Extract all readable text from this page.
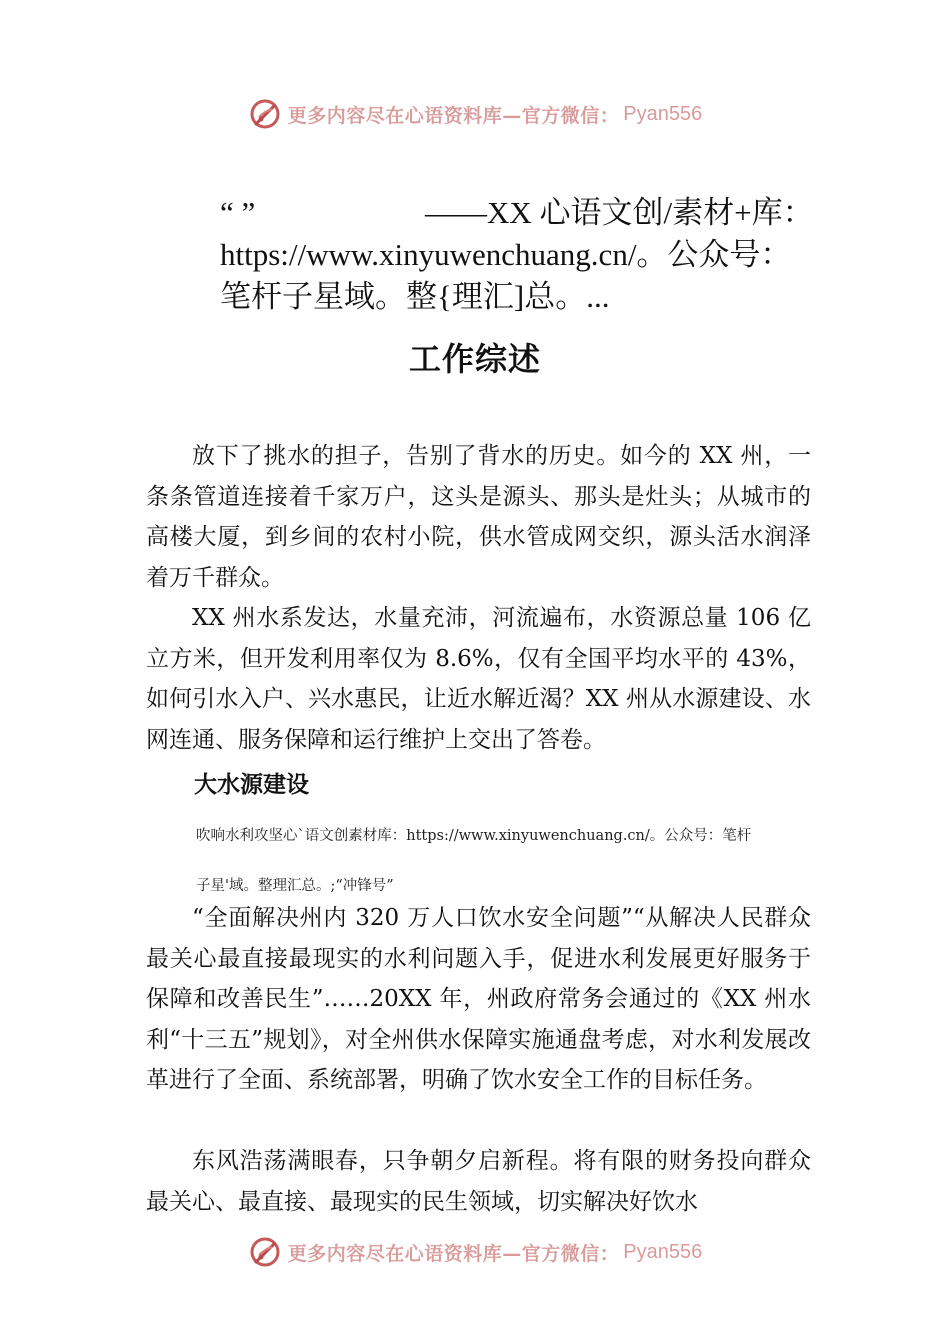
更多内容尽在心语资料库—官方微信： Pyan556
“ ”	——XX 心语文创/素材+库：
https://www.xinyuwenchuang.cn/。公众号：
笔杆子星域。整{理汇]总。...
工作综述

放下了挑水的担子，告别了背水的历史。如今的 XX 州，一条条管道连接着千家万户，这头是源头、那头是灶头；从城市的高楼大厦，到乡间的农村小院，供水管成网交织，源头活水润泽着万千群众。

XX 州水系发达，水量充沛，河流遍布，水资源总量 106 亿立方米，但开发利用率仅为 8.6%，仅有全国平均水平的 43%，如何引水入户、兴水惠民，让近水解近渴？XX 州从水源建设、水网连通、服务保障和运行维护上交出了答卷。

大水源建设
吹响水利攻坚心`语文创素材库：https://www.xinyuwenchuang.cn/。公众号：笔杆
子星'域。整理汇总。;“冲锋号”

“全面解决州内 320 万人口饮水安全问题”“从解决人民群众最关心最直接最现实的水利问题入手，促进水利发展更好服务于保障和改善民生”……20XX 年，州政府常务会通过的《XX 州水利“十三五”规划》，对全州供水保障实施通盘考虑，对水利发展改革进行了全面、系统部署，明确了饮水安全工作的目标任务。

东风浩荡满眼春，只争朝夕启新程。将有限的财务投向群众最关心、最直接、最现实的民生领域，切实解决好饮水

更多内容尽在心语资料库—官方微信： Pyan556
